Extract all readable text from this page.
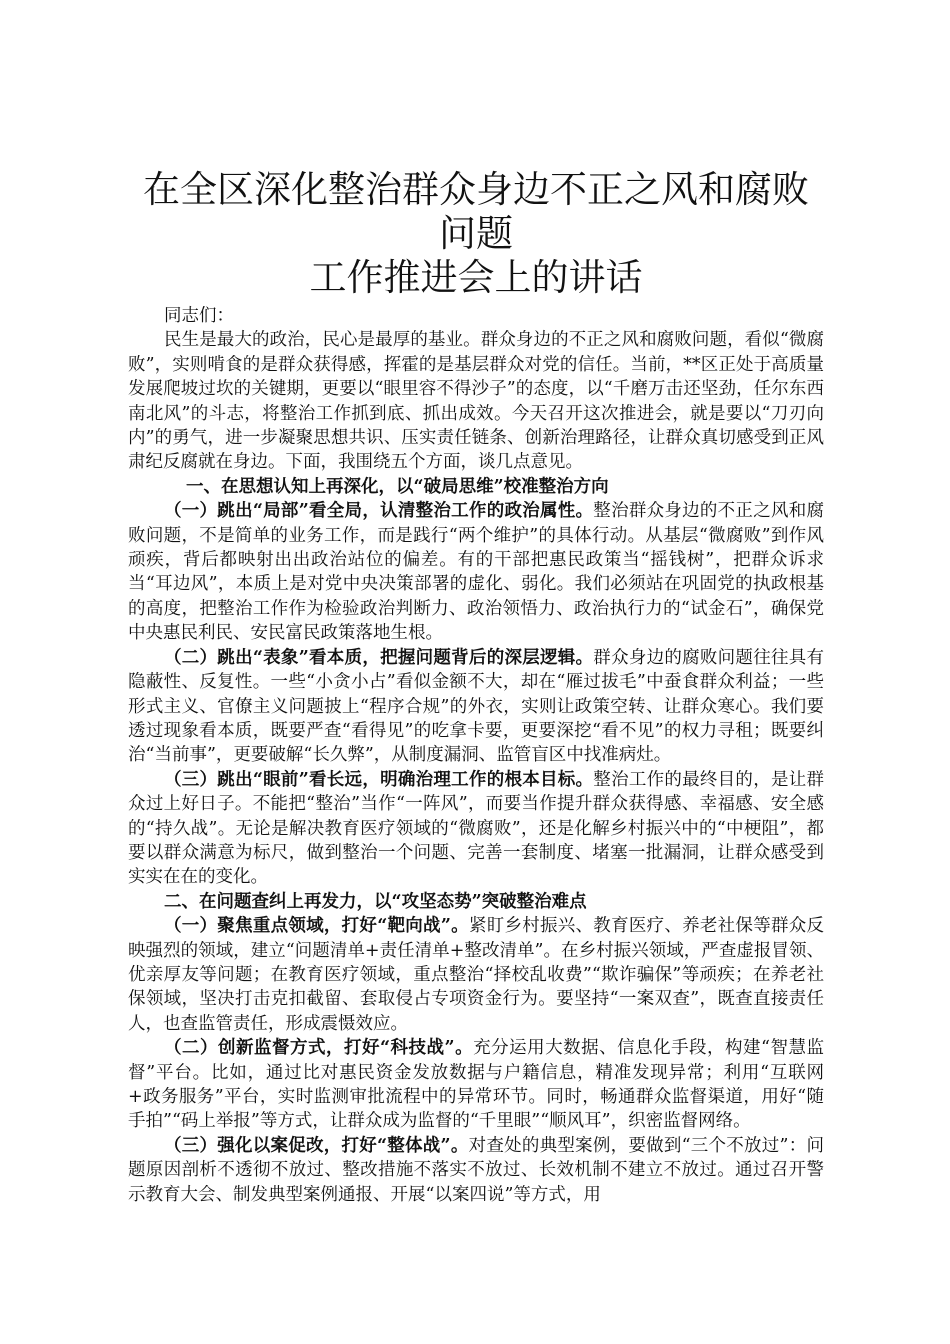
在全区深化整治群众身边不正之风和腐败问题
工作推进会上的讲话

同志们：

民生是最大的政治，民心是最厚的基业。群众身边的不正之风和腐败问题，看似“微腐败”，实则啃食的是群众获得感，挥霍的是基层群众对党的信任。当前，**区正处于高质量发展爬坡过坎的关键期，更要以“眼里容不得沙子”的态度，以“千磨万击还坚劲，任尔东西南北风”的斗志，将整治工作抓到底、抓出成效。今天召开这次推进会，就是要以“刀刃向内”的勇气，进一步凝聚思想共识、压实责任链条、创新治理路径，让群众真切感受到正风肃纪反腐就在身边。下面，我围绕五个方面，谈几点意见。

一、在思想认知上再深化，以“破局思维”校准整治方向

（一）跳出“局部”看全局，认清整治工作的政治属性。整治群众身边的不正之风和腐败问题，不是简单的业务工作，而是践行“两个维护”的具体行动。从基层“微腐败”到作风顽疾，背后都映射出出政治站位的偏差。有的干部把惠民政策当“摇钱树”，把群众诉求当“耳边风”，本质上是对党中央决策部署的虚化、弱化。我们必须站在巩固党的执政根基的高度，把整治工作作为检验政治判断力、政治领悟力、政治执行力的“试金石”，确保党中央惠民利民、安民富民政策落地生根。

（二）跳出“表象”看本质，把握问题背后的深层逻辑。群众身边的腐败问题往往具有隐蔽性、反复性。一些“小贪小占”看似金额不大，却在“雁过拔毛”中蚕食群众利益；一些形式主义、官僚主义问题披上“程序合规”的外衣，实则让政策空转、让群众寒心。我们要透过现象看本质，既要严查“看得见”的吃拿卡要，更要深挖“看不见”的权力寻租；既要纠治“当前事”，更要破解“长久弊”，从制度漏洞、监管盲区中找准病灶。

（三）跳出“眼前”看长远，明确治理工作的根本目标。整治工作的最终目的，是让群众过上好日子。不能把“整治”当作“一阵风”，而要当作提升群众获得感、幸福感、安全感的“持久战”。无论是解决教育医疗领域的“微腐败”，还是化解乡村振兴中的“中梗阻”，都要以群众满意为标尺，做到整治一个问题、完善一套制度、堵塞一批漏洞，让群众感受到实实在在的变化。

二、在问题查纠上再发力，以“攻坚态势”突破整治难点

（一）聚焦重点领域，打好“靶向战”。紧盯乡村振兴、教育医疗、养老社保等群众反映强烈的领域，建立“问题清单+责任清单+整改清单”。在乡村振兴领域，严查虚报冒领、优亲厚友等问题；在教育医疗领域，重点整治“择校乱收费”“欺诈骗保”等顽疾；在养老社保领域，坚决打击克扣截留、套取侵占专项资金行为。要坚持“一案双查”，既查直接责任人，也查监管责任，形成震慑效应。

（二）创新监督方式，打好“科技战”。充分运用大数据、信息化手段，构建“智慧监督”平台。比如，通过比对惠民资金发放数据与户籍信息，精准发现异常；利用“互联网+政务服务”平台，实时监测审批流程中的异常环节。同时，畅通群众监督渠道，用好“随手拍”“码上举报”等方式，让群众成为监督的“千里眼”“顺风耳”，织密监督网络。

（三）强化以案促改，打好“整体战”。对查处的典型案例，要做到“三个不放过”：问题原因剖析不透彻不放过、整改措施不落实不放过、长效机制不建立不放过。通过召开警示教育大会、制发典型案例通报、开展“以案四说”等方式，用
